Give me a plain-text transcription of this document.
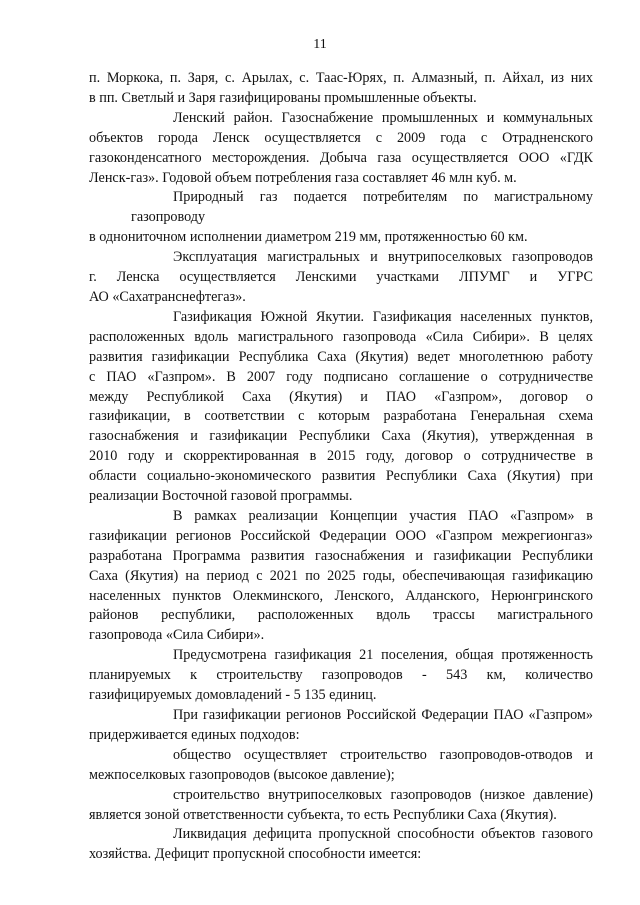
11

п. Моркока, п. Заря, с. Арылах, с. Таас-Юрях, п. Алмазный, п. Айхал, из них
в пп. Светлый и Заря газифицированы промышленные объекты.

Ленский район. Газоснабжение промышленных и коммунальных
объектов города Ленск осуществляется с 2009 года с Отрадненского
газоконденсатного месторождения. Добыча газа осуществляется ООО «ГДК
Ленск-газ». Годовой объем потребления газа составляет 46 млн куб. м.

Природный газ подается потребителям по магистральному газопроводу
в однониточном исполнении диаметром 219 мм, протяженностью 60 км.

Эксплуатация магистральных и внутрипоселковых газопроводов
г. Ленска осуществляется Ленскими участками ЛПУМГ и УГРС
АО «Сахатранснефтегаз».

Газификация Южной Якутии. Газификация населенных пунктов,
расположенных вдоль магистрального газопровода «Сила Сибири». В целях
развития газификации Республика Саха (Якутия) ведет многолетнюю работу
с ПАО «Газпром». В 2007 году подписано соглашение о сотрудничестве
между Республикой Саха (Якутия) и ПАО «Газпром», договор о
газификации, в соответствии с которым разработана Генеральная схема
газоснабжения и газификации Республики Саха (Якутия), утвержденная в
2010 году и скорректированная в 2015 году, договор о сотрудничестве в
области социально-экономического развития Республики Саха (Якутия) при
реализации Восточной газовой программы.

В рамках реализации Концепции участия ПАО «Газпром» в
газификации регионов Российской Федерации ООО «Газпром межрегионгаз»
разработана Программа развития газоснабжения и газификации Республики
Саха (Якутия) на период с 2021 по 2025 годы, обеспечивающая газификацию
населенных пунктов Олекминского, Ленского, Алданского, Нерюнгринского
районов республики, расположенных вдоль трассы магистрального
газопровода «Сила Сибири».

Предусмотрена газификация 21 поселения, общая протяженность
планируемых к строительству газопроводов - 543 км, количество
газифицируемых домовладений - 5 135 единиц.

При газификации регионов Российской Федерации ПАО «Газпром»
придерживается единых подходов:

общество осуществляет строительство газопроводов-отводов и
межпоселковых газопроводов (высокое давление);

строительство внутрипоселковых газопроводов (низкое давление)
является зоной ответственности субъекта, то есть Республики Саха (Якутия).

Ликвидация дефицита пропускной способности объектов газового
хозяйства. Дефицит пропускной способности имеется:
